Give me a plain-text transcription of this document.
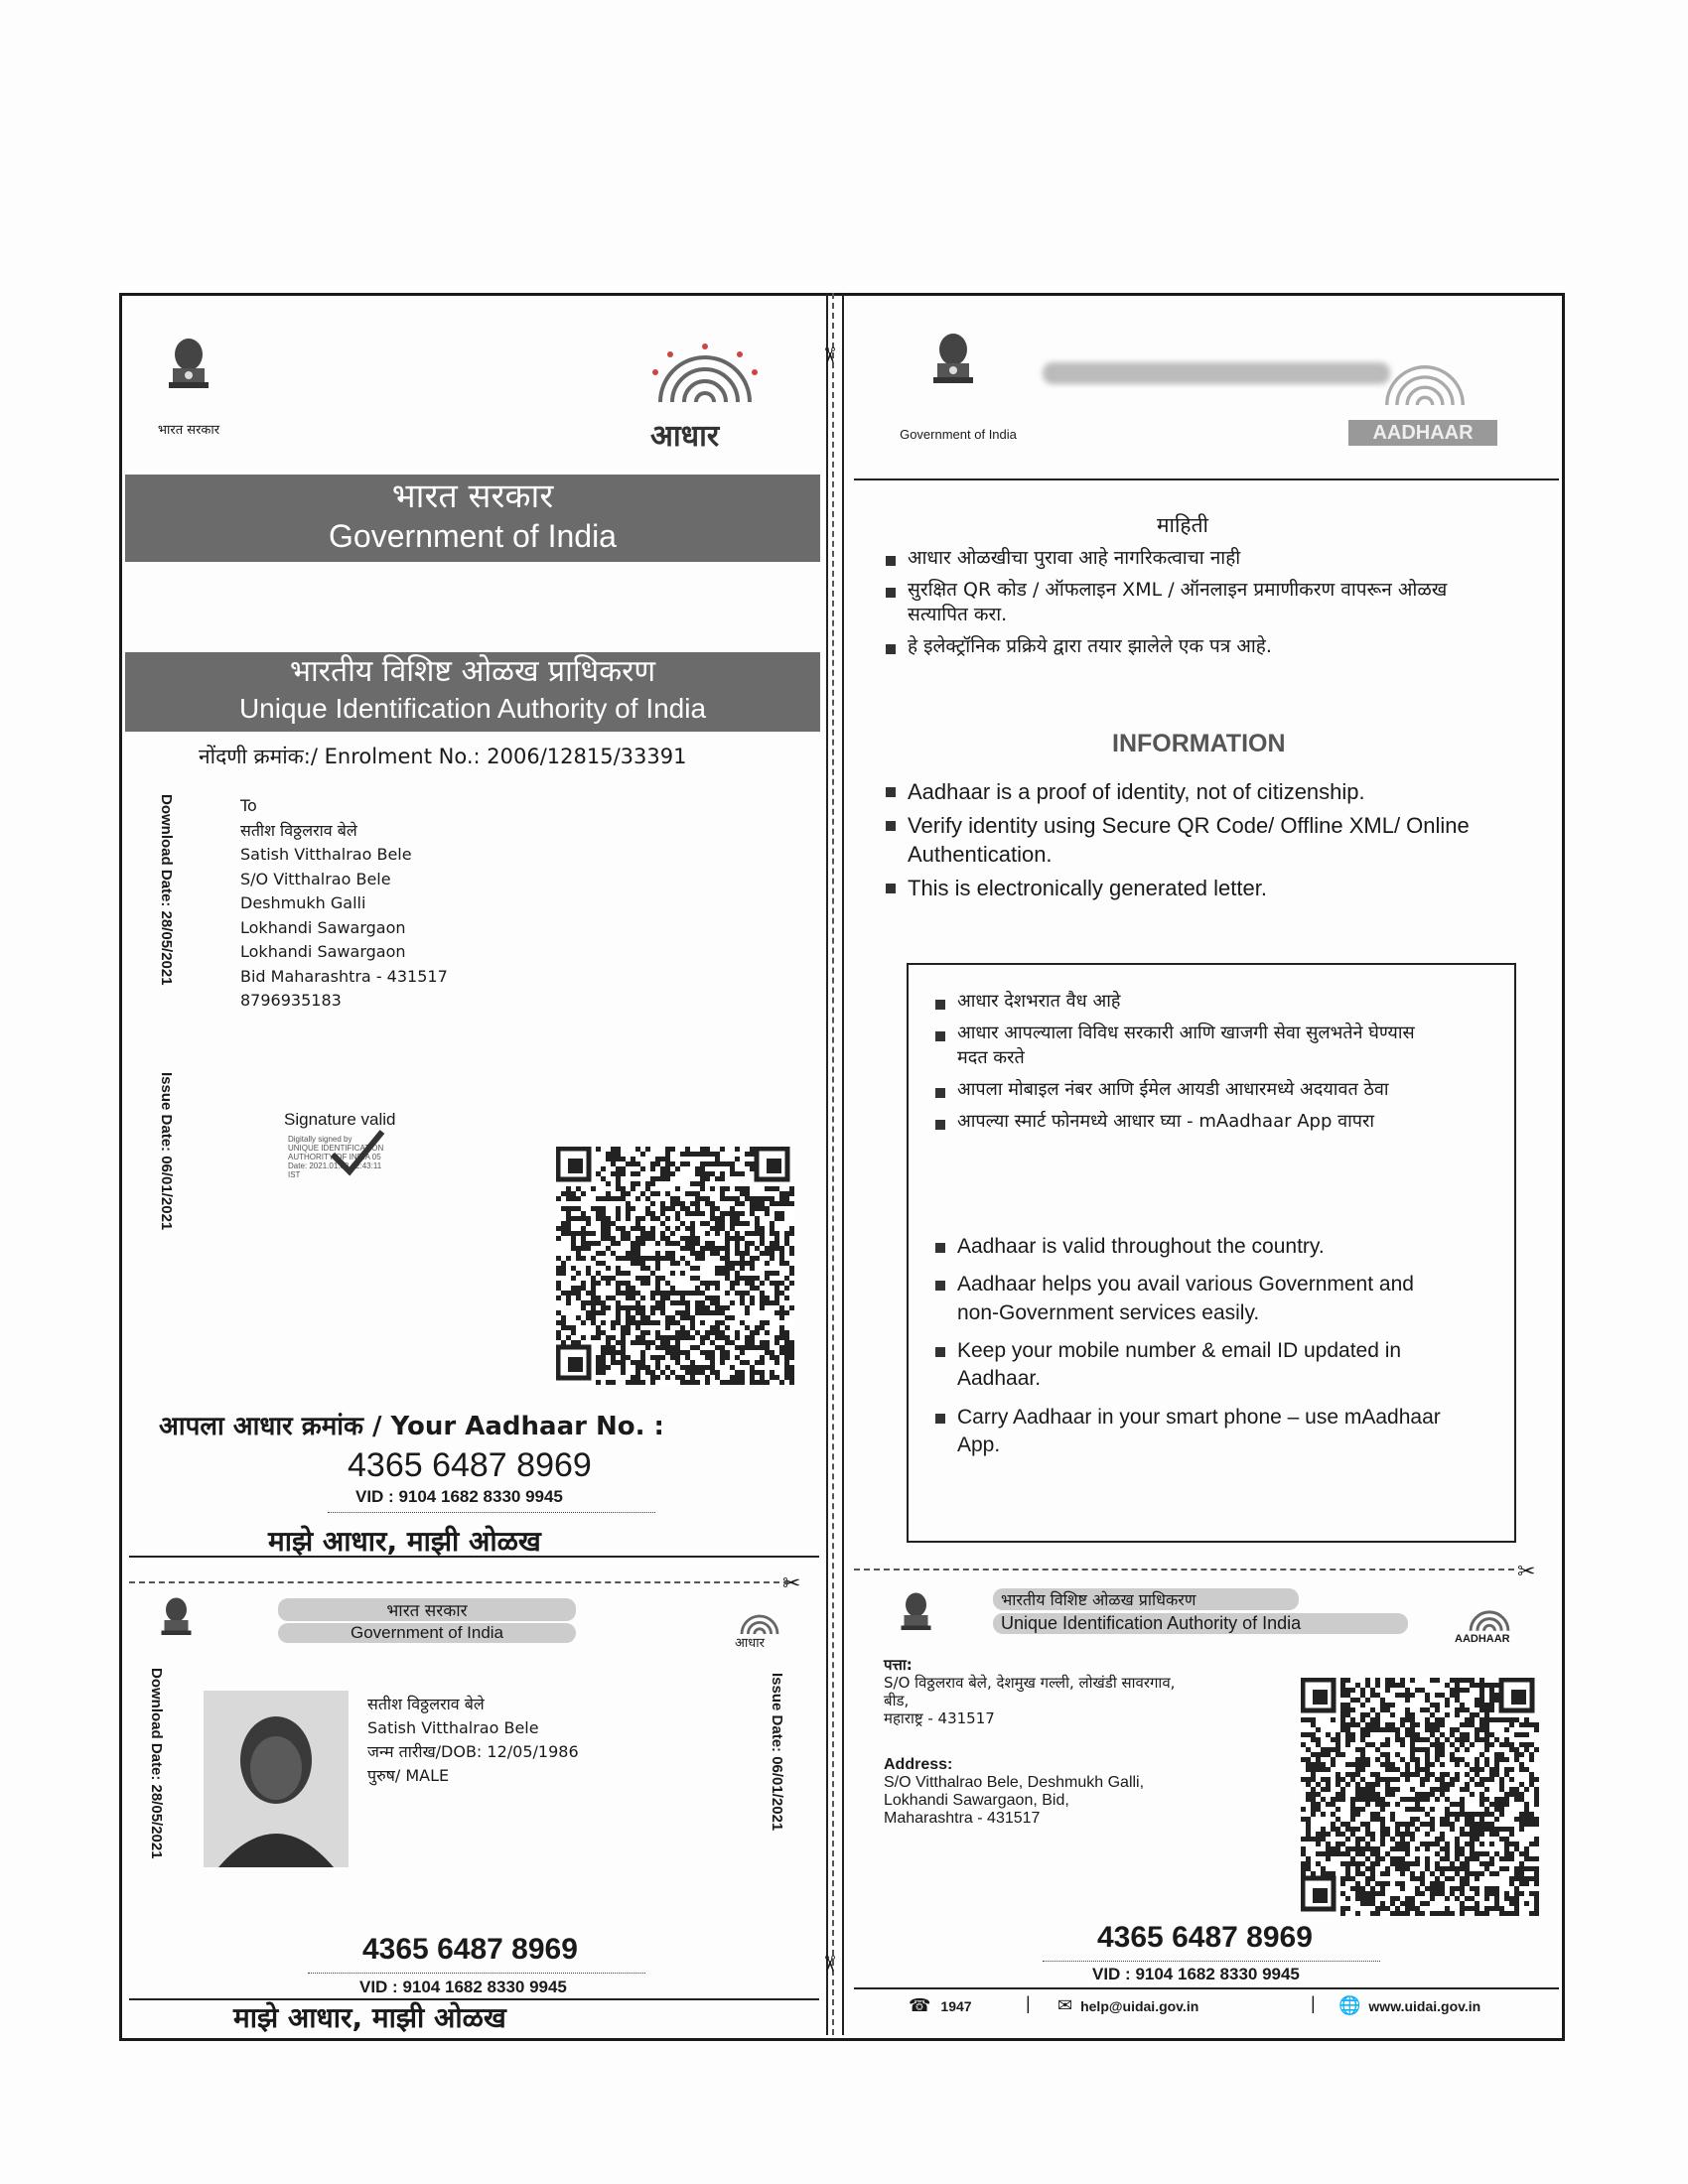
✂
✂
✂	✂
भारत सरकार	आधार
भारत सरकार
Government of India
भारतीय विशिष्ट ओळख प्राधिकरण
Unique Identification Authority of India
नोंदणी क्रमांक:/ Enrolment No.: 2006/12815/33391
Download Date: 28/05/2021
Issue Date: 06/01/2021
To
सतीश विठ्ठलराव बेले
Satish Vitthalrao Bele
S/O Vitthalrao Bele
Deshmukh Galli
Lokhandi Sawargaon
Lokhandi Sawargaon
Bid Maharashtra - 431517
8796935183
Signature valid
Digitally signed by
UNIQUE IDENTIFICATION
AUTHORITY OF INDIA 05
Date: 2021.01.08 12:43:11
IST
आपला आधार क्रमांक / Your Aadhaar No. :
4365 6487 8969
VID : 9104 1682 8330 9945
माझे आधार, माझी ओळख
Government of India	AADHAAR
माहिती
आधार ओळखीचा पुरावा आहे नागरिकत्वाचा नाही
सुरक्षित QR कोड / ऑफलाइन XML / ऑनलाइन प्रमाणीकरण वापरून ओळख सत्यापित करा.
हे इलेक्ट्रॉनिक प्रक्रिये द्वारा तयार झालेले एक पत्र आहे.
INFORMATION
Aadhaar is a proof of identity, not of citizenship.
Verify identity using Secure QR Code/ Offline XML/ Online Authentication.
This is electronically generated letter.
आधार देशभरात वैध आहे
आधार आपल्याला विविध सरकारी आणि खाजगी सेवा सुलभतेने घेण्यास मदत करते
आपला मोबाइल नंबर आणि ईमेल आयडी आधारमध्ये अदयावत ठेवा
आपल्या स्मार्ट फोनमध्ये आधार घ्या - mAadhaar App वापरा
Aadhaar is valid throughout the country.
Aadhaar helps you avail various Government and non-Government services easily.
Keep your mobile number & email ID updated in Aadhaar.
Carry Aadhaar in your smart phone – use mAadhaar App.
भारत सरकार
Government of India
आधार
Download Date: 28/05/2021	Issue Date: 06/01/2021
सतीश विठ्ठलराव बेले
Satish Vitthalrao Bele
जन्म तारीख/DOB: 12/05/1986
पुरुष/ MALE
4365 6487 8969
VID : 9104 1682 8330 9945
माझे आधार, माझी ओळख
भारतीय विशिष्ट ओळख प्राधिकरण
Unique Identification Authority of India
AADHAAR
पत्ता:
S/O विठ्ठलराव बेले, देशमुख गल्ली, लोखंडी सावरगाव,
बीड,
महाराष्ट्र - 431517
Address:
S/O Vitthalrao Bele, Deshmukh Galli,
Lokhandi Sawargaon, Bid,
Maharashtra - 431517
4365 6487 8969
VID : 9104 1682 8330 9945
☎ 1947	| ✉ help@uidai.gov.in	| 🌐 www.uidai.gov.in
